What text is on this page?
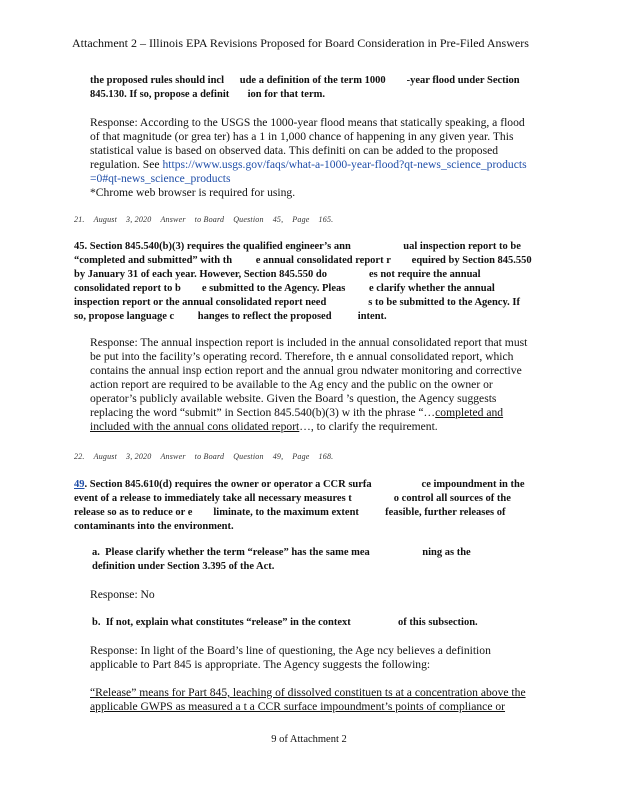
Attachment 2 – Illinois EPA Revisions Proposed for Board Consideration in Pre-Filed Answers
the proposed rules should incl      ude a definition of the term 1000        -year flood under Section
845.130. If so, propose a definit       ion for that term.
Response: According to the USGS the 1000-year flood means that statically speaking, a flood of that magnitude (or grea ter) has a 1 in 1,000 chance of happening in any given year. This statistical value is based on observed data. This definiti on can be added to the proposed regulation. See https://www.usgs.gov/faqs/what-a-1000-year-flood?qt-news_science_products=0#qt-news_science_products
*Chrome web browser is required for using.
21. August 3, 2020 Answer to Board Question 45, Page 165.
45. Section 845.540(b)(3) requires the qualified engineer’s ann                    ual inspection report to be “completed and submitted” with th         e annual consolidated report r        equired by Section 845.550 by January 31 of each year. However, Section 845.550 do                es not require the annual consolidated report to b        e submitted to the Agency. Pleas         e clarify whether the annual inspection report or the annual consolidated report need                s to be submitted to the Agency. If so, propose language c         hanges to reflect the proposed          intent.
Response: The annual inspection report is included in the annual consolidated report that must be put into the facility’s operating record. Therefore, th e annual consolidated report, which contains the annual insp ection report and the annual grou ndwater monitoring and corrective action report are required to be available to the Ag ency and the public on the owner or operator’s publicly available website. Given the Board ’s question, the Agency suggests replacing the word “submit” in Section 845.540(b)(3) w ith the phrase “…completed and included with the annual cons olidated report…, to clarify the requirement.
22. August 3, 2020 Answer to Board Question 49, Page 168.
49. Section 845.610(d) requires the owner or operator a CCR surfa                   ce impoundment in the event of a release to immediately take all necessary measures t                o control all sources of the release so as to reduce or e        liminate, to the maximum extent          feasible, further releases of contaminants into the environment.
a.  Please clarify whether the term “release” has the same mea                    ning as the definition under Section 3.395 of the Act.
Response: No
b.  If not, explain what constitutes “release” in the context                  of this subsection.
Response: In light of the Board’s line of questioning, the Age ncy believes a definition applicable to Part 845 is appropriate. The Agency suggests the following:
“Release” means for Part 845, leaching of dissolved constituen ts at a concentration above the applicable GWPS as measured a t a CCR surface impoundment’s points of compliance or
9 of Attachment 2
